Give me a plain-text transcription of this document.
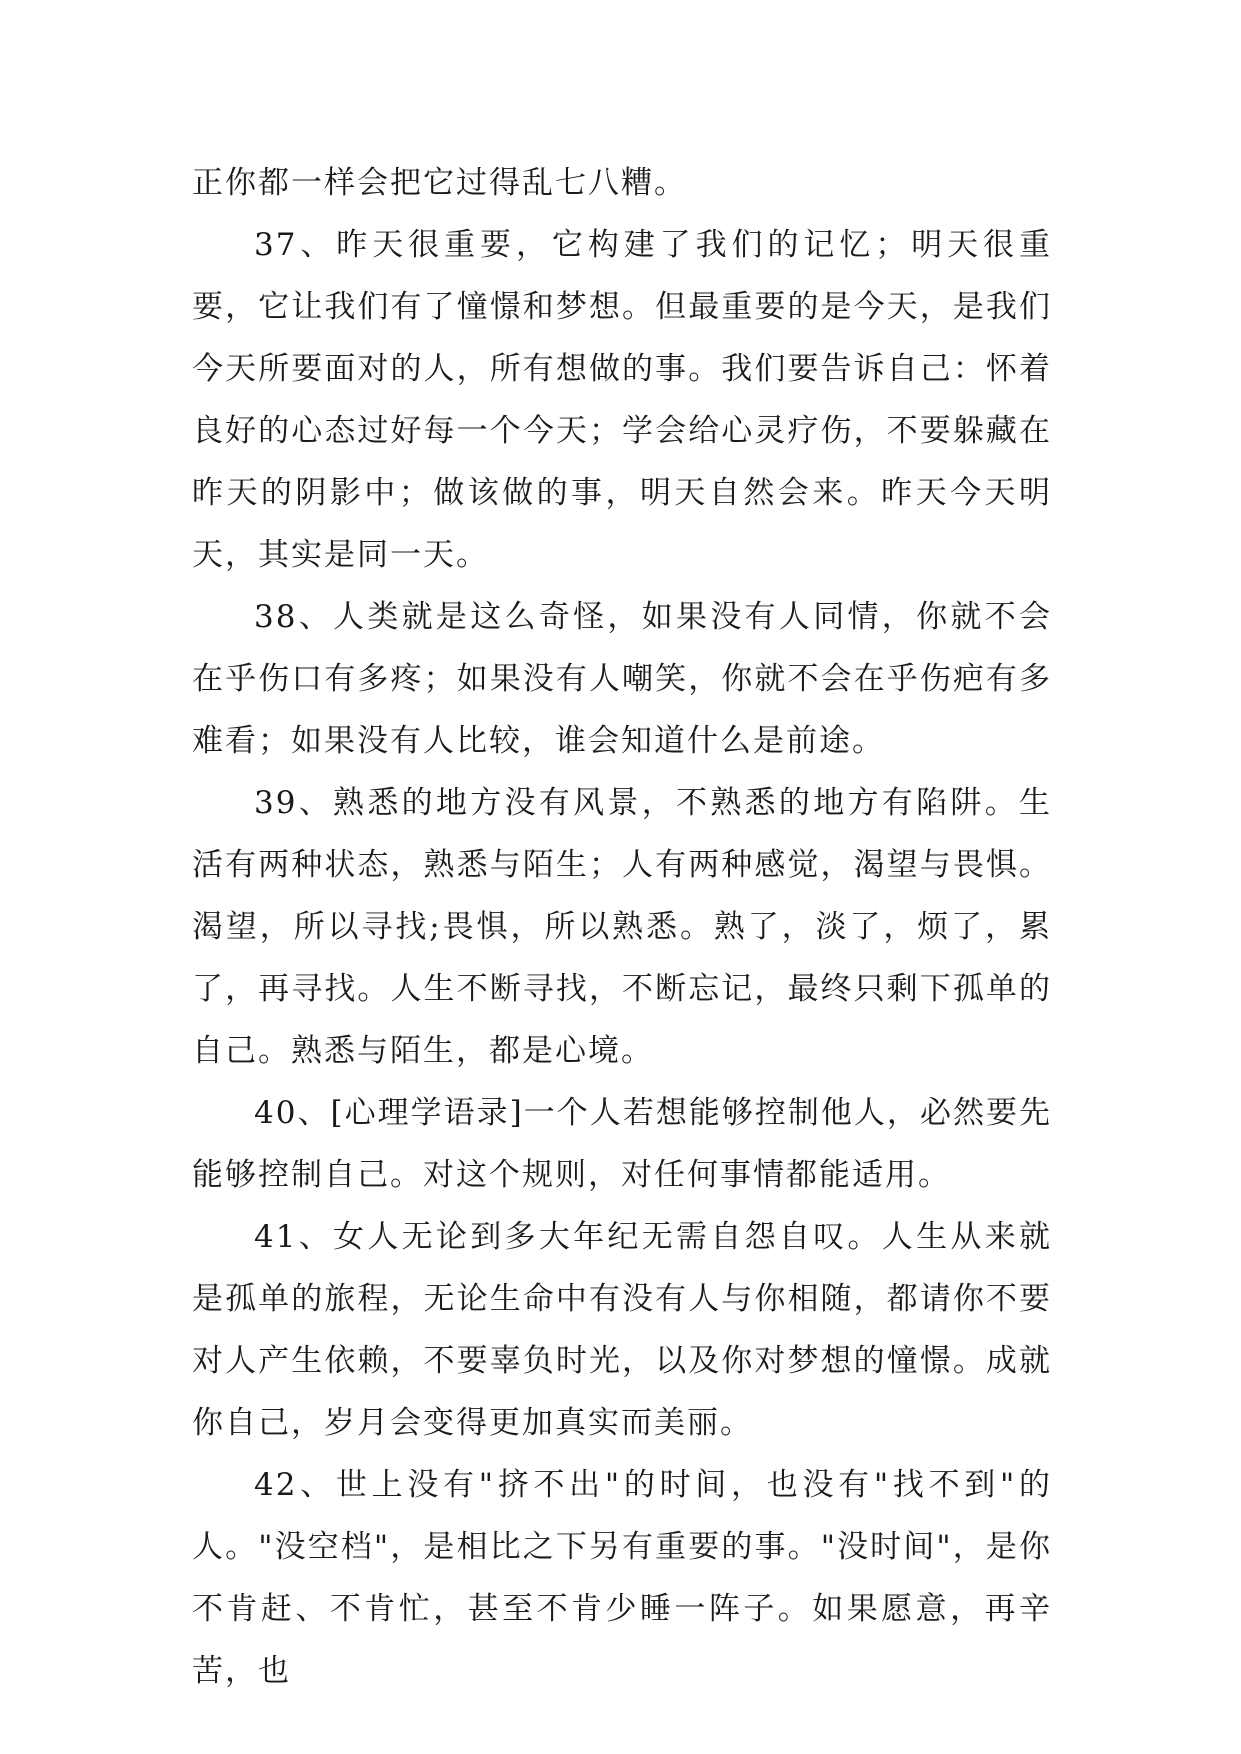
正你都一样会把它过得乱七八糟。

37、昨天很重要，它构建了我们的记忆；明天很重要，它让我们有了憧憬和梦想。但最重要的是今天，是我们今天所要面对的人，所有想做的事。我们要告诉自己：怀着良好的心态过好每一个今天；学会给心灵疗伤，不要躲藏在昨天的阴影中；做该做的事，明天自然会来。昨天今天明天，其实是同一天。

38、人类就是这么奇怪，如果没有人同情，你就不会在乎伤口有多疼；如果没有人嘲笑，你就不会在乎伤疤有多难看；如果没有人比较，谁会知道什么是前途。

39、熟悉的地方没有风景，不熟悉的地方有陷阱。生活有两种状态，熟悉与陌生；人有两种感觉，渴望与畏惧。渴望，所以寻找;畏惧，所以熟悉。熟了，淡了，烦了，累了，再寻找。人生不断寻找，不断忘记，最终只剩下孤单的自己。熟悉与陌生，都是心境。

40、[心理学语录]一个人若想能够控制他人，必然要先能够控制自己。对这个规则，对任何事情都能适用。

41、女人无论到多大年纪无需自怨自叹。人生从来就是孤单的旅程，无论生命中有没有人与你相随，都请你不要对人产生依赖，不要辜负时光，以及你对梦想的憧憬。成就你自己，岁月会变得更加真实而美丽。

42、世上没有"挤不出"的时间，也没有"找不到"的人。"没空档"，是相比之下另有重要的事。"没时间"，是你不肯赶、不肯忙，甚至不肯少睡一阵子。如果愿意，再辛苦，也
